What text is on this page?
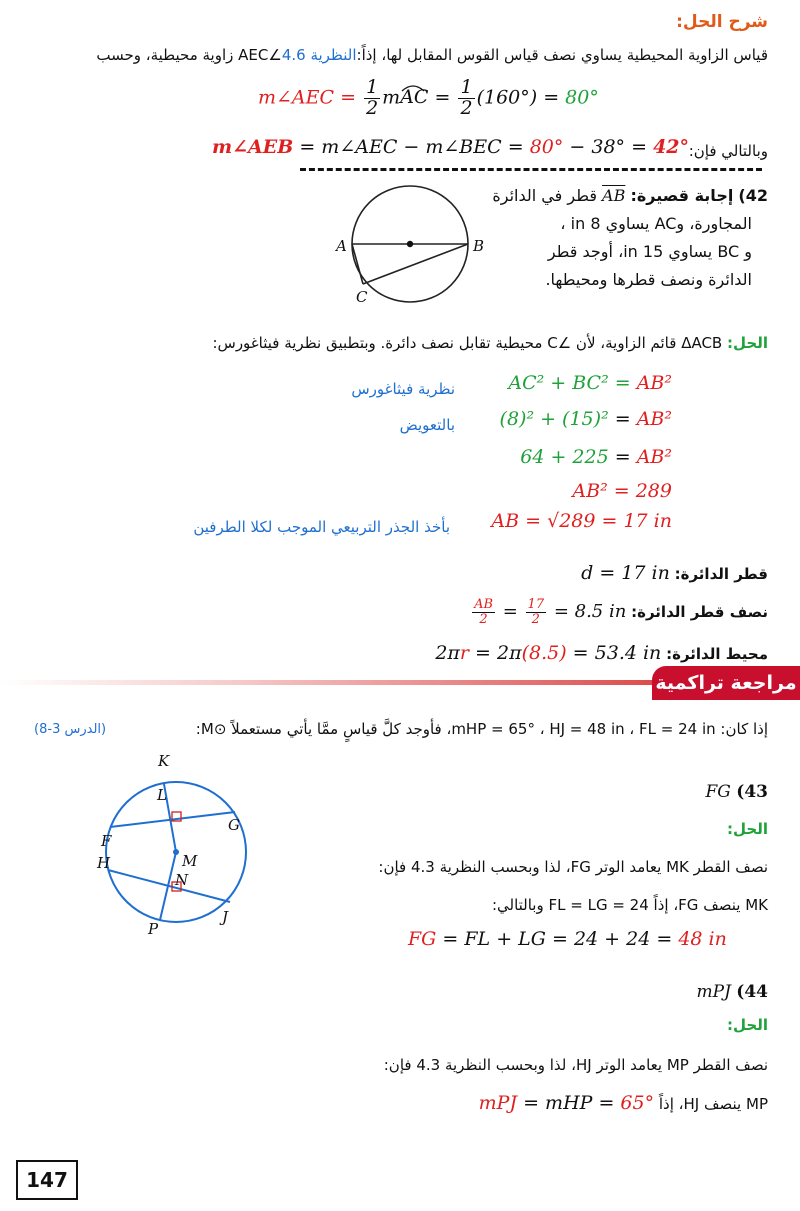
شرح الحل:
قياس الزاوية المحيطية يساوي نصف قياس القوس المقابل لها، إذاً:النظرية 4.6∠AEC زاوية محيطية، وحسب
m∠AEC = $\frac{1}{2}$ mAC
= $\frac{1}{2} (160^\circ) = 80^\circ$
وبالتالي فإن:
m∠AEB = m∠AEC − m∠BEC = 80° − 38° = 42°
A	B
C
42) إجابة قصيرة: AB قطر في الدائرة
المجاورة، وAC يساوي 8 in ،
و BC يساوي 15 in، أوجد قطر
الدائرة ونصف قطرها ومحيطها.
الحل: ΔACB قائم الزاوية، لأن ∠C محيطية تقابل نصف دائرة. وبتطبيق نظرية فيثاغورس:
نظرية فيثاغورس	AC² + BC² = AB²
بالتعويض (8)² + (15)² = AB²
64 + 225 = AB²
AB² = 289
بأخذ الجذر التربيعي الموجب لكلا الطرفين AB = √289 = 17 in
قطر الدائرة: d = 17 in
نصف قطر الدائرة:
$\frac{AB}{2} = \frac{17}{2} = 8.5$ in
محيط الدائرة: 2πr = 2π(8.5) = 53.4 in
مراجعة تراكمية
إذا كان: mHP = 65° ، HJ = 48 in ، FL = 24 in، فأوجد كلَّ قياسٍ ممَّا يأتي مستعملاً ⊙M:
(الدرس 3-8)
K
L
G
F
H	M
N
J
P
FG (43
الحل:
نصف القطر MK يعامد الوتر FG، لذا وبحسب النظرية 4.3 فإن:
MK ينصف FG، إذاً FL = LG = 24 وبالتالي:
FG = FL + LG = 24 + 24 = 48 in
mPJ (44
الحل:
نصف القطر MP يعامد الوتر HJ، لذا وبحسب النظرية 4.3 فإن:
MP ينصف HJ، إذاً mPJ = mHP = 65°
147
